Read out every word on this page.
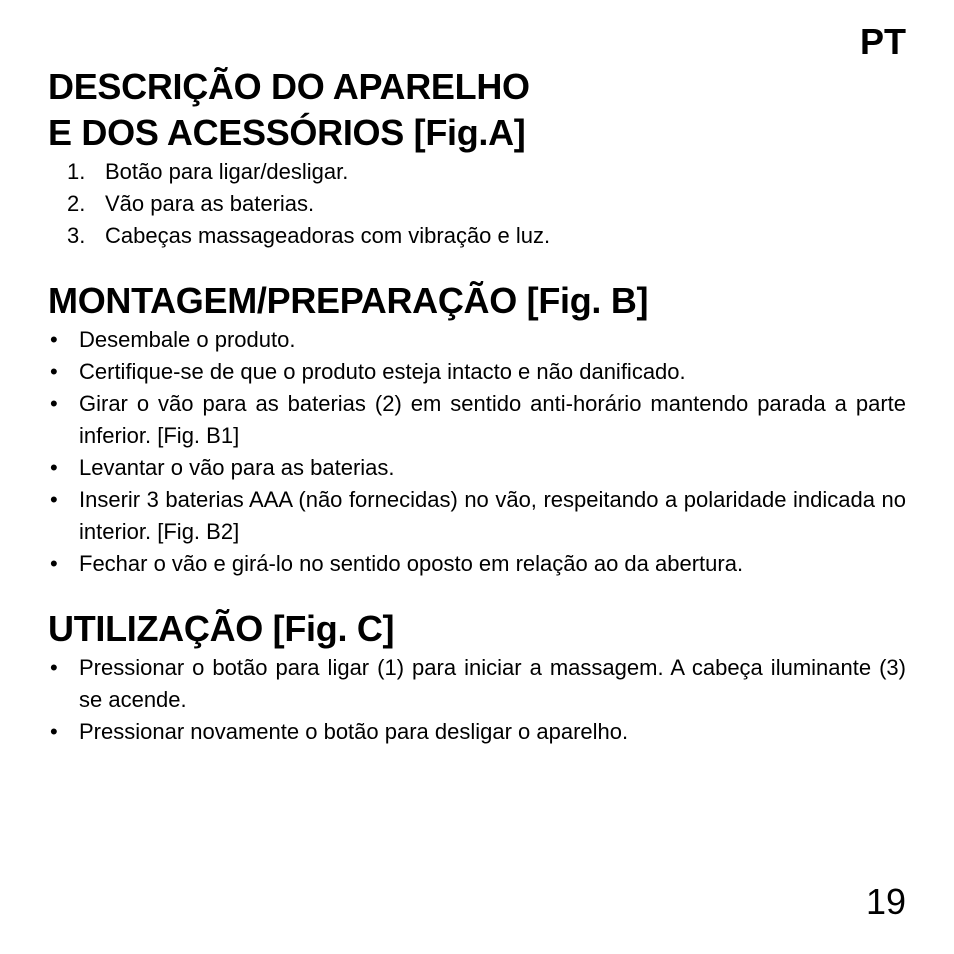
PT
DESCRIÇÃO DO APARELHO
E DOS ACESSÓRIOS [Fig.A]
1. Botão para ligar/desligar.
2. Vão para as baterias.
3. Cabeças massageadoras com vibração e luz.
MONTAGEM/PREPARAÇÃO [Fig. B]
• Desembale o produto.
• Certifique-se de que o produto esteja intacto e não danificado.
• Girar o vão para as baterias (2) em sentido anti-horário mantendo parada a parte inferior. [Fig. B1]
• Levantar o vão para as baterias.
• Inserir 3 baterias AAA (não fornecidas) no vão, respeitando a polaridade indicada no interior. [Fig. B2]
• Fechar o vão e girá-lo no sentido oposto em relação ao da abertura.
UTILIZAÇÃO [Fig. C]
• Pressionar o botão para ligar (1) para iniciar a massagem. A cabeça iluminante (3) se acende.
• Pressionar novamente o botão para desligar o aparelho.
19
